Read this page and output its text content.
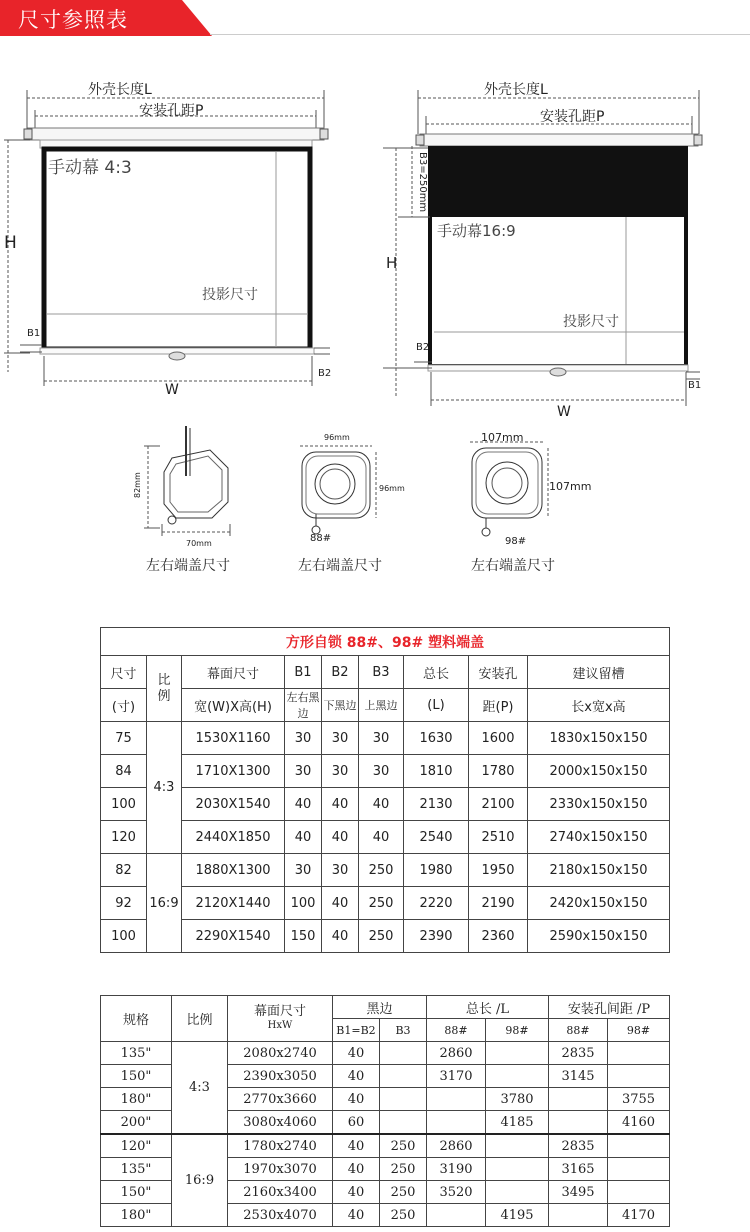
尺寸参照表
外壳长度L
安装孔距P
手动幕 4:3
投影尺寸
H
W
B1
B2
外壳长度L
安装孔距P
B3=250mm
手动幕16:9
投影尺寸
H
W
B2
B1
82mm
70mm
96mm
96mm
88#
107mm
107mm
98#
左右端盖尺寸	左右端盖尺寸	左右端盖尺寸
方形自锁 88#、98# 塑料端盖								
尺寸	比例	幕面尺寸	B1	B2	B3	总长	安装孔	建议留槽
(寸)		宽(W)X高(H)	左右黑边	下黑边	上黑边	(L)	距(P)	长x宽x高
75	4:3	1530X1160	30	30	30	1630	1600	1830x150x150
84		1710X1300	30	30	30	1810	1780	2000x150x150
100		2030X1540	40	40	40	2130	2100	2330x150x150
120		2440X1850	40	40	40	2540	2510	2740x150x150
82	16:9	1880X1300	30	30	250	1980	1950	2180x150x150
92		2120X1440	100	40	250	2220	2190	2420x150x150
100		2290X1540	150	40	250	2390	2360	2590x150x150
规格	比例	幕面尺寸
HxW	黑边		总长 /L		安装孔间距 /P	
			B1=B2	B3	88#	98#	88#	98#
135"	4:3	2080x2740	40		2860		2835	
150"		2390x3050	40		3170		3145	
180"		2770x3660	40			3780		3755
200"		3080x4060	60			4185		4160
120"	16:9	1780x2740	40	250	2860		2835	
135"		1970x3070	40	250	3190		3165	
150"		2160x3400	40	250	3520		3495	
180"		2530x4070	40	250		4195		4170
